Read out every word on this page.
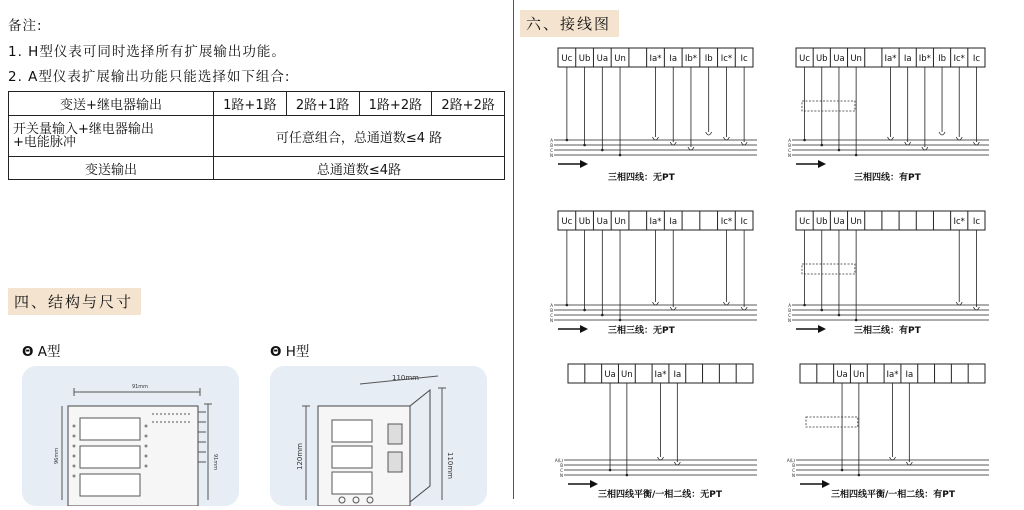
备注:
1. H型仪表可同时选择所有扩展输出功能。
2. A型仪表扩展输出功能只能选择如下组合:
变送+继电器输出	1路+1路	2路+1路	1路+2路	2路+2路

开关量输入+继电器输出
+电能脉冲	可任意组合，总通道数≤4 路			
变送输出	总通道数≤4路			
四、结构与尺寸
Θ A型	Θ H型
91mm
91mm
96mm
110mm
110mm
120mm
六、接线图
Uc Ub Ua Un	Ia* Ia Ib* Ib Ic* Ic
A
B
C
N
Uc Ub Ua Un	Ia* Ia Ib* Ib Ic* Ic
A
B
C
N
Uc Ub Ua Un	Ia* Ia	Ic* Ic
A
B
C
N
Uc Ub Ua Un	Ic* Ic
A
B
C
N
Ua Un	Ia* Ia
A(L)
B
C
N
Ua Un	Ia* Ia
A(L)
B
C
N
三相四线：无PT	三相四线：有PT
三相三线：无PT	三相三线：有PT
三相四线平衡/一相二线：无PT	三相四线平衡/一相二线：有PT
